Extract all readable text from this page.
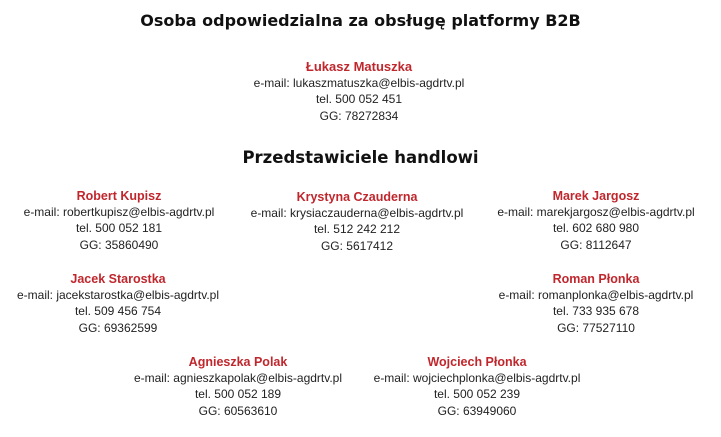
Osoba odpowiedzialna za obsługę platformy B2B
Łukasz Matuszka
e-mail: lukaszmatuszka@elbis-agdrtv.pl
tel. 500 052 451
GG: 78272834
Przedstawiciele handlowi
Robert Kupisz
e-mail: robertkupisz@elbis-agdrtv.pl
tel. 500 052 181
GG: 35860490
Krystyna Czauderna
e-mail: krysiaczauderna@elbis-agdrtv.pl
tel. 512 242 212
GG: 5617412
Marek Jargosz
e-mail: marekjargosz@elbis-agdrtv.pl
tel. 602 680 980
GG: 8112647
Jacek Starostka
e-mail: jacekstarostka@elbis-agdrtv.pl
tel. 509 456 754
GG: 69362599
Roman Płonka
e-mail: romanplonka@elbis-agdrtv.pl
tel. 733 935 678
GG: 77527110
Agnieszka Polak
e-mail: agnieszkapolak@elbis-agdrtv.pl
tel. 500 052 189
GG: 60563610
Wojciech Płonka
e-mail: wojciechplonka@elbis-agdrtv.pl
tel. 500 052 239
GG: 63949060
